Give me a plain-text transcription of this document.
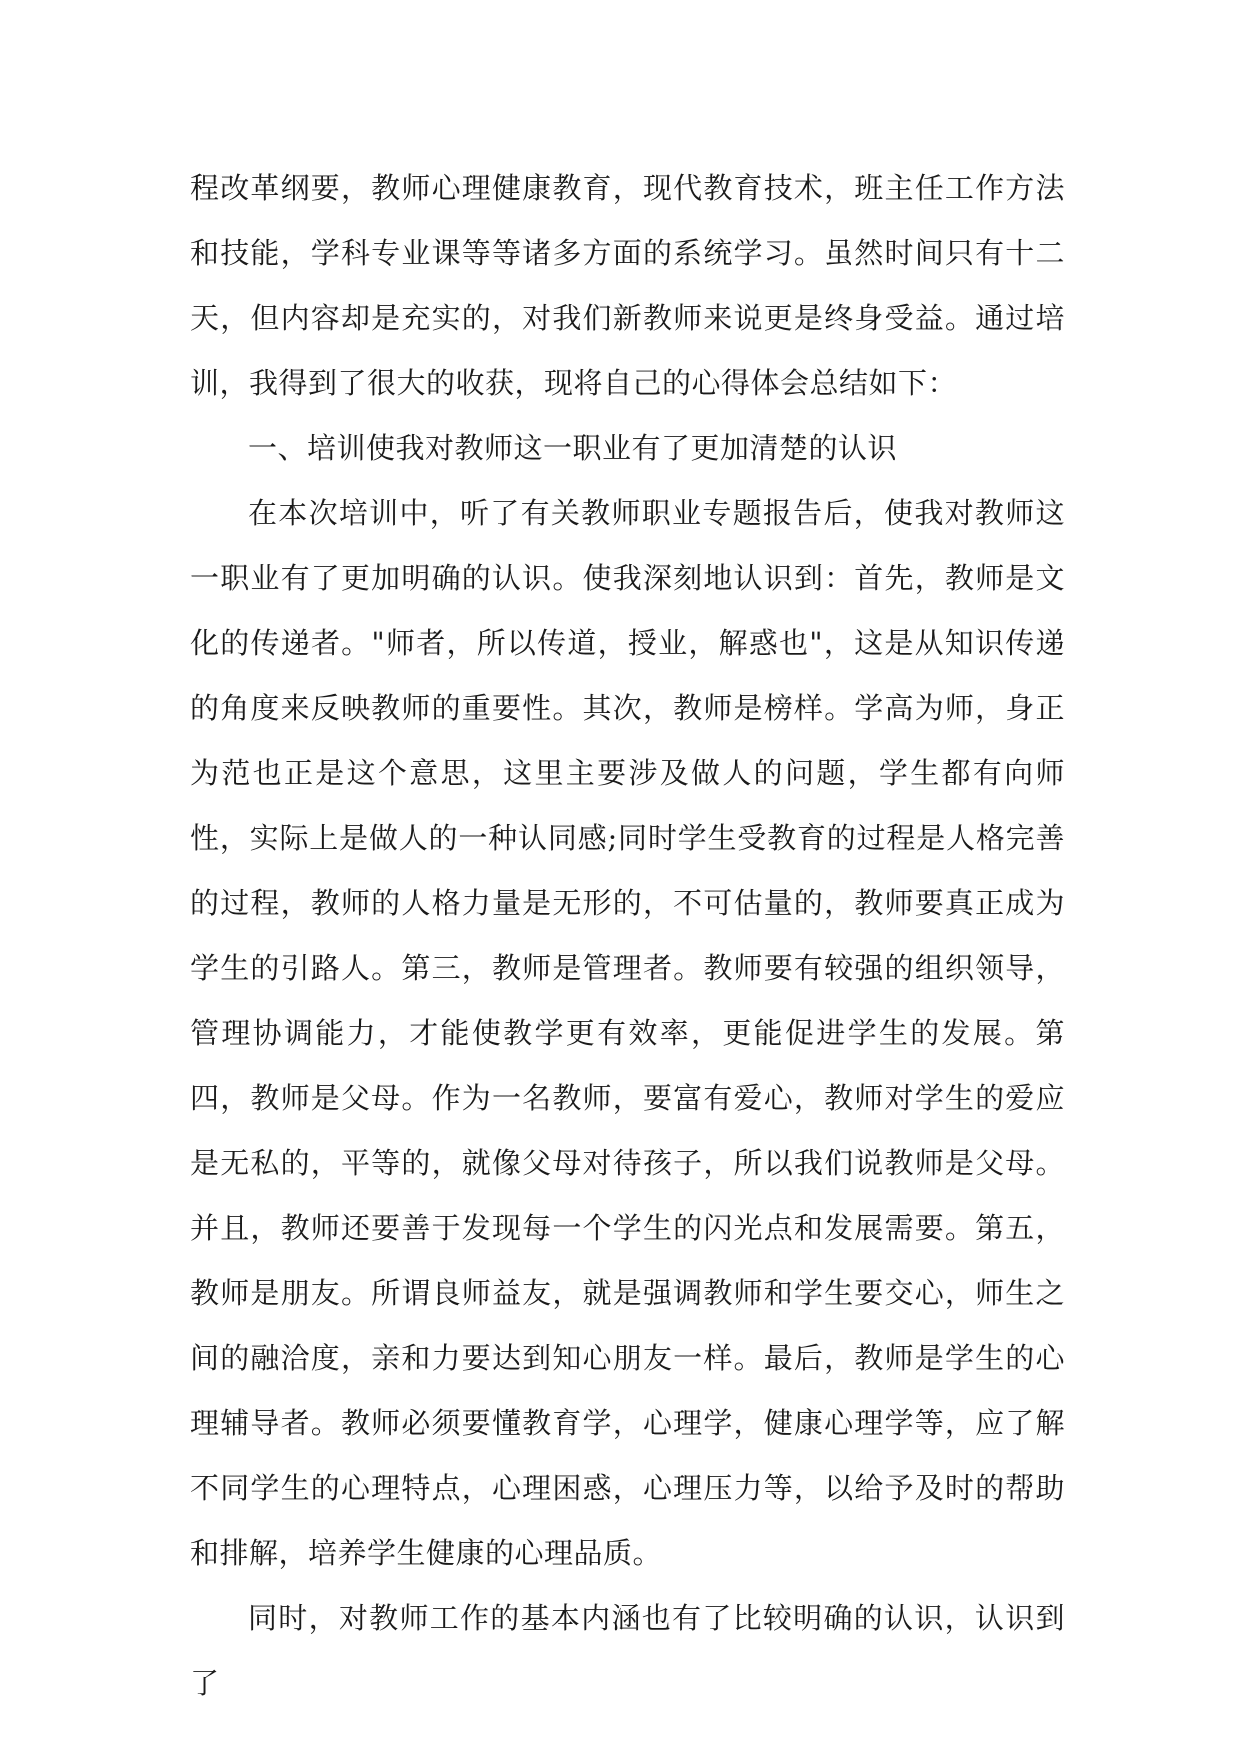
程改革纲要，教师心理健康教育，现代教育技术，班主任工作方法和技能，学科专业课等等诸多方面的系统学习。虽然时间只有十二天，但内容却是充实的，对我们新教师来说更是终身受益。通过培训，我得到了很大的收获，现将自己的心得体会总结如下：

一、培训使我对教师这一职业有了更加清楚的认识

在本次培训中，听了有关教师职业专题报告后，使我对教师这一职业有了更加明确的认识。使我深刻地认识到：首先，教师是文化的传递者。"师者，所以传道，授业，解惑也"，这是从知识传递的角度来反映教师的重要性。其次，教师是榜样。学高为师，身正为范也正是这个意思，这里主要涉及做人的问题，学生都有向师性，实际上是做人的一种认同感;同时学生受教育的过程是人格完善的过程，教师的人格力量是无形的，不可估量的，教师要真正成为学生的引路人。第三，教师是管理者。教师要有较强的组织领导，管理协调能力，才能使教学更有效率，更能促进学生的发展。第四，教师是父母。作为一名教师，要富有爱心，教师对学生的爱应是无私的，平等的，就像父母对待孩子，所以我们说教师是父母。并且，教师还要善于发现每一个学生的闪光点和发展需要。第五，教师是朋友。所谓良师益友，就是强调教师和学生要交心，师生之间的融洽度，亲和力要达到知心朋友一样。最后，教师是学生的心理辅导者。教师必须要懂教育学，心理学，健康心理学等，应了解不同学生的心理特点，心理困惑，心理压力等，以给予及时的帮助和排解，培养学生健康的心理品质。

同时，对教师工作的基本内涵也有了比较明确的认识，认识到了
